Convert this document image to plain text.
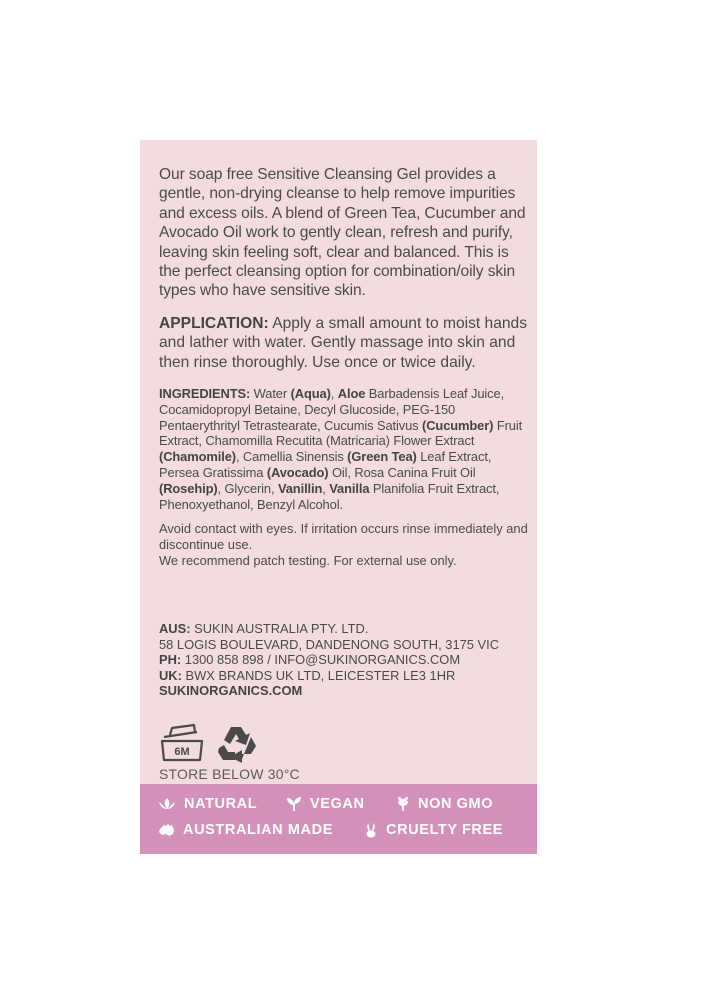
Our soap free Sensitive Cleansing Gel provides a gentle, non-drying cleanse to help remove impurities and excess oils. A blend of Green Tea, Cucumber and Avocado Oil work to gently clean, refresh and purify, leaving skin feeling soft, clear and balanced. This is the perfect cleansing option for combination/oily skin types who have sensitive skin.

APPLICATION: Apply a small amount to moist hands and lather with water. Gently massage into skin and then rinse thoroughly. Use once or twice daily.

INGREDIENTS: Water (Aqua), Aloe Barbadensis Leaf Juice, Cocamidopropyl Betaine, Decyl Glucoside, PEG-150 Pentaerythrityl Tetrastearate, Cucumis Sativus (Cucumber) Fruit Extract, Chamomilla Recutita (Matricaria) Flower Extract (Chamomile), Camellia Sinensis (Green Tea) Leaf Extract, Persea Gratissima (Avocado) Oil, Rosa Canina Fruit Oil (Rosehip), Glycerin, Vanillin, Vanilla Planifolia Fruit Extract, Phenoxyethanol, Benzyl Alcohol.

Avoid contact with eyes. If irritation occurs rinse immediately and discontinue use.
We recommend patch testing. For external use only.

AUS: SUKIN AUSTRALIA PTY. LTD.
58 LOGIS BOULEVARD, DANDENONG SOUTH, 3175 VIC
PH: 1300 858 898 / INFO@SUKINORGANICS.COM
UK: BWX BRANDS UK LTD, LEICESTER LE3 1HR
SUKINORGANICS.COM
6M
STORE BELOW 30°C
NATURAL	VEGAN	NON GMO
AUSTRALIAN MADE	CRUELTY FREE
